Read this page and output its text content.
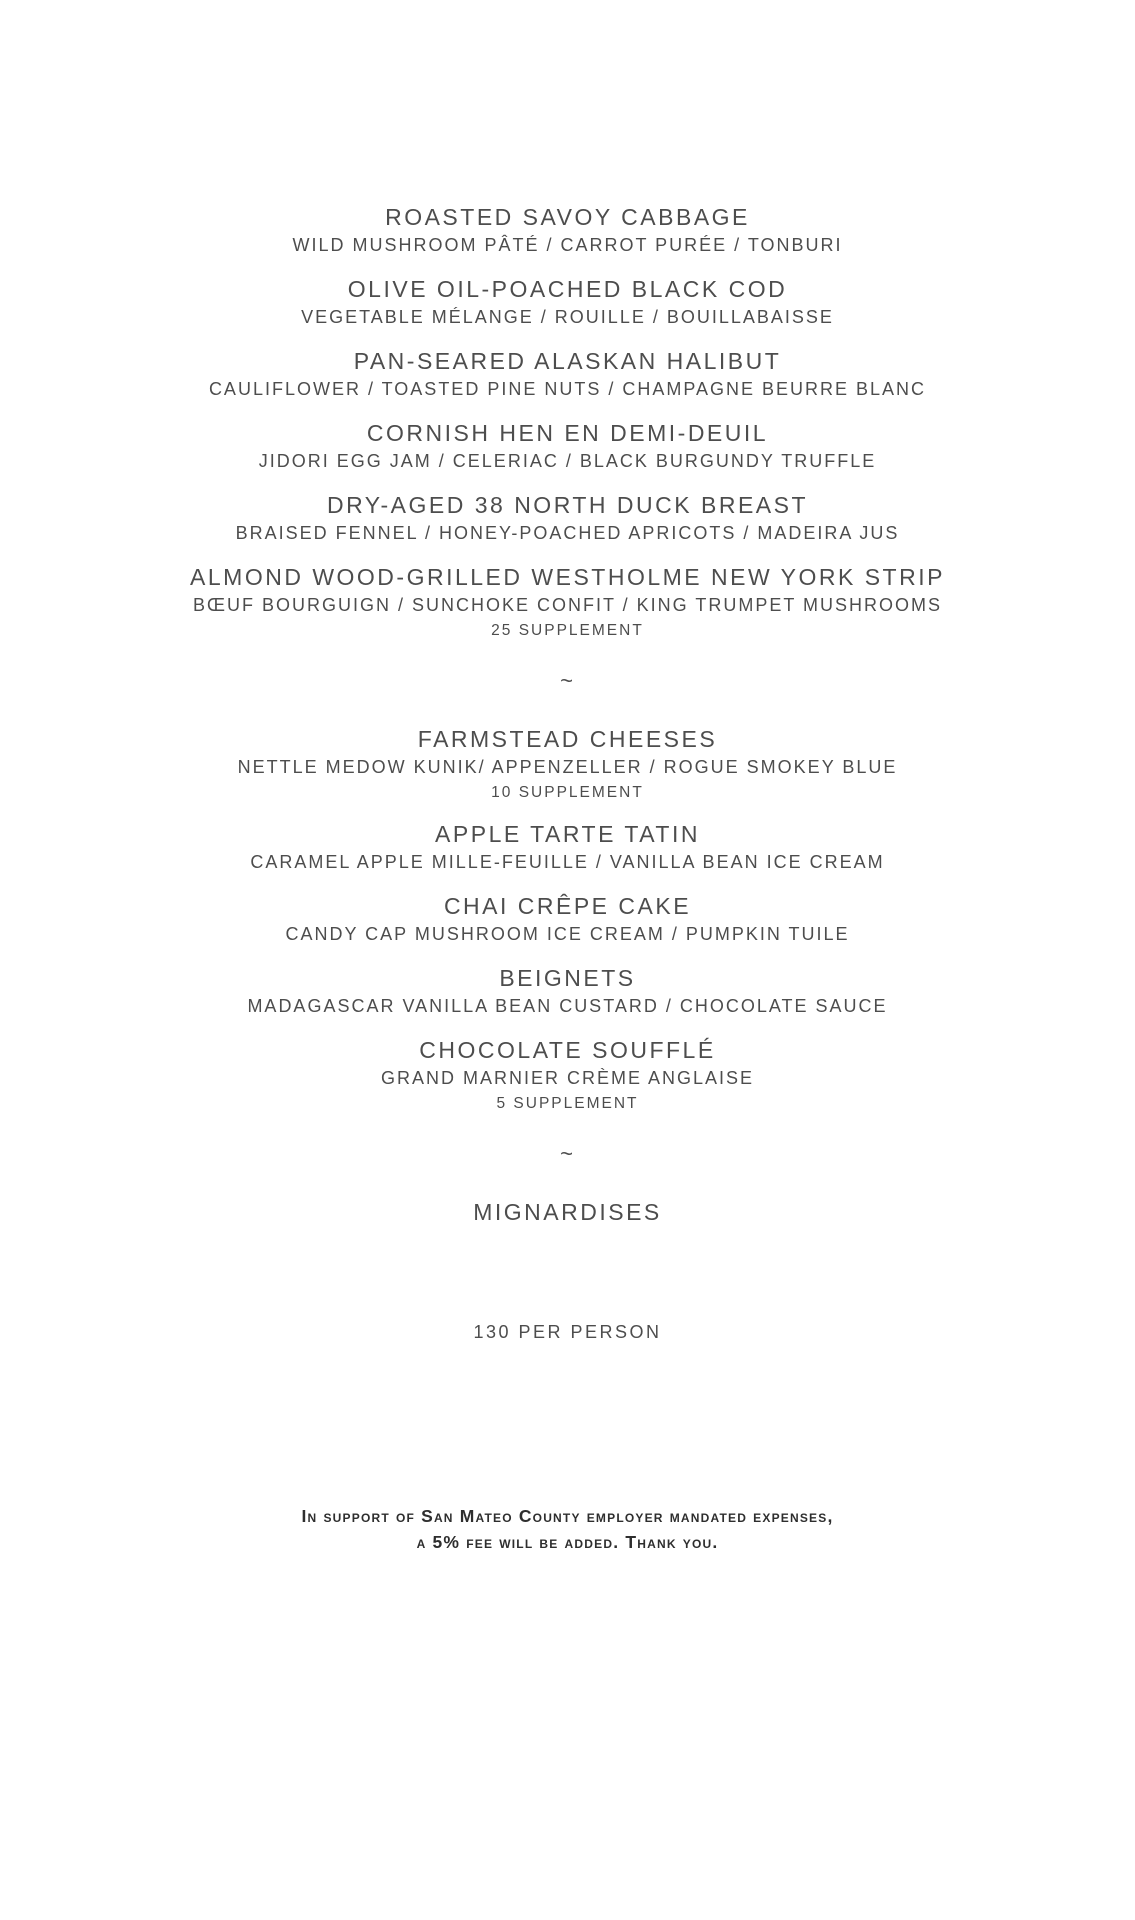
ROASTED SAVOY CABBAGE
WILD MUSHROOM PÂTÉ / CARROT PURÉE / TONBURI
OLIVE OIL-POACHED BLACK COD
VEGETABLE MÉLANGE / ROUILLE / BOUILLABAISSE
PAN-SEARED ALASKAN HALIBUT
CAULIFLOWER / TOASTED PINE NUTS / CHAMPAGNE BEURRE BLANC
CORNISH HEN EN DEMI-DEUIL
JIDORI EGG JAM / CELERIAC / BLACK BURGUNDY TRUFFLE
DRY-AGED 38 NORTH DUCK BREAST
BRAISED FENNEL / HONEY-POACHED APRICOTS / MADEIRA JUS
ALMOND WOOD-GRILLED WESTHOLME NEW YORK STRIP
BŒUF BOURGUIGN / SUNCHOKE CONFIT / KING TRUMPET MUSHROOMS
25 SUPPLEMENT
~
FARMSTEAD CHEESES
NETTLE MEDOW KUNIK/ APPENZELLER / ROGUE SMOKEY BLUE
10 SUPPLEMENT
APPLE TARTE TATIN
CARAMEL APPLE MILLE-FEUILLE / VANILLA BEAN ICE CREAM
CHAI CRÊPE CAKE
CANDY CAP MUSHROOM ICE CREAM / PUMPKIN TUILE
BEIGNETS
MADAGASCAR VANILLA BEAN CUSTARD / CHOCOLATE SAUCE
CHOCOLATE SOUFFLÉ
GRAND MARNIER CRÈME ANGLAISE
5 SUPPLEMENT
~
MIGNARDISES
130 PER PERSON
In support of San Mateo County employer mandated expenses,
a 5% fee will be added. Thank you.
